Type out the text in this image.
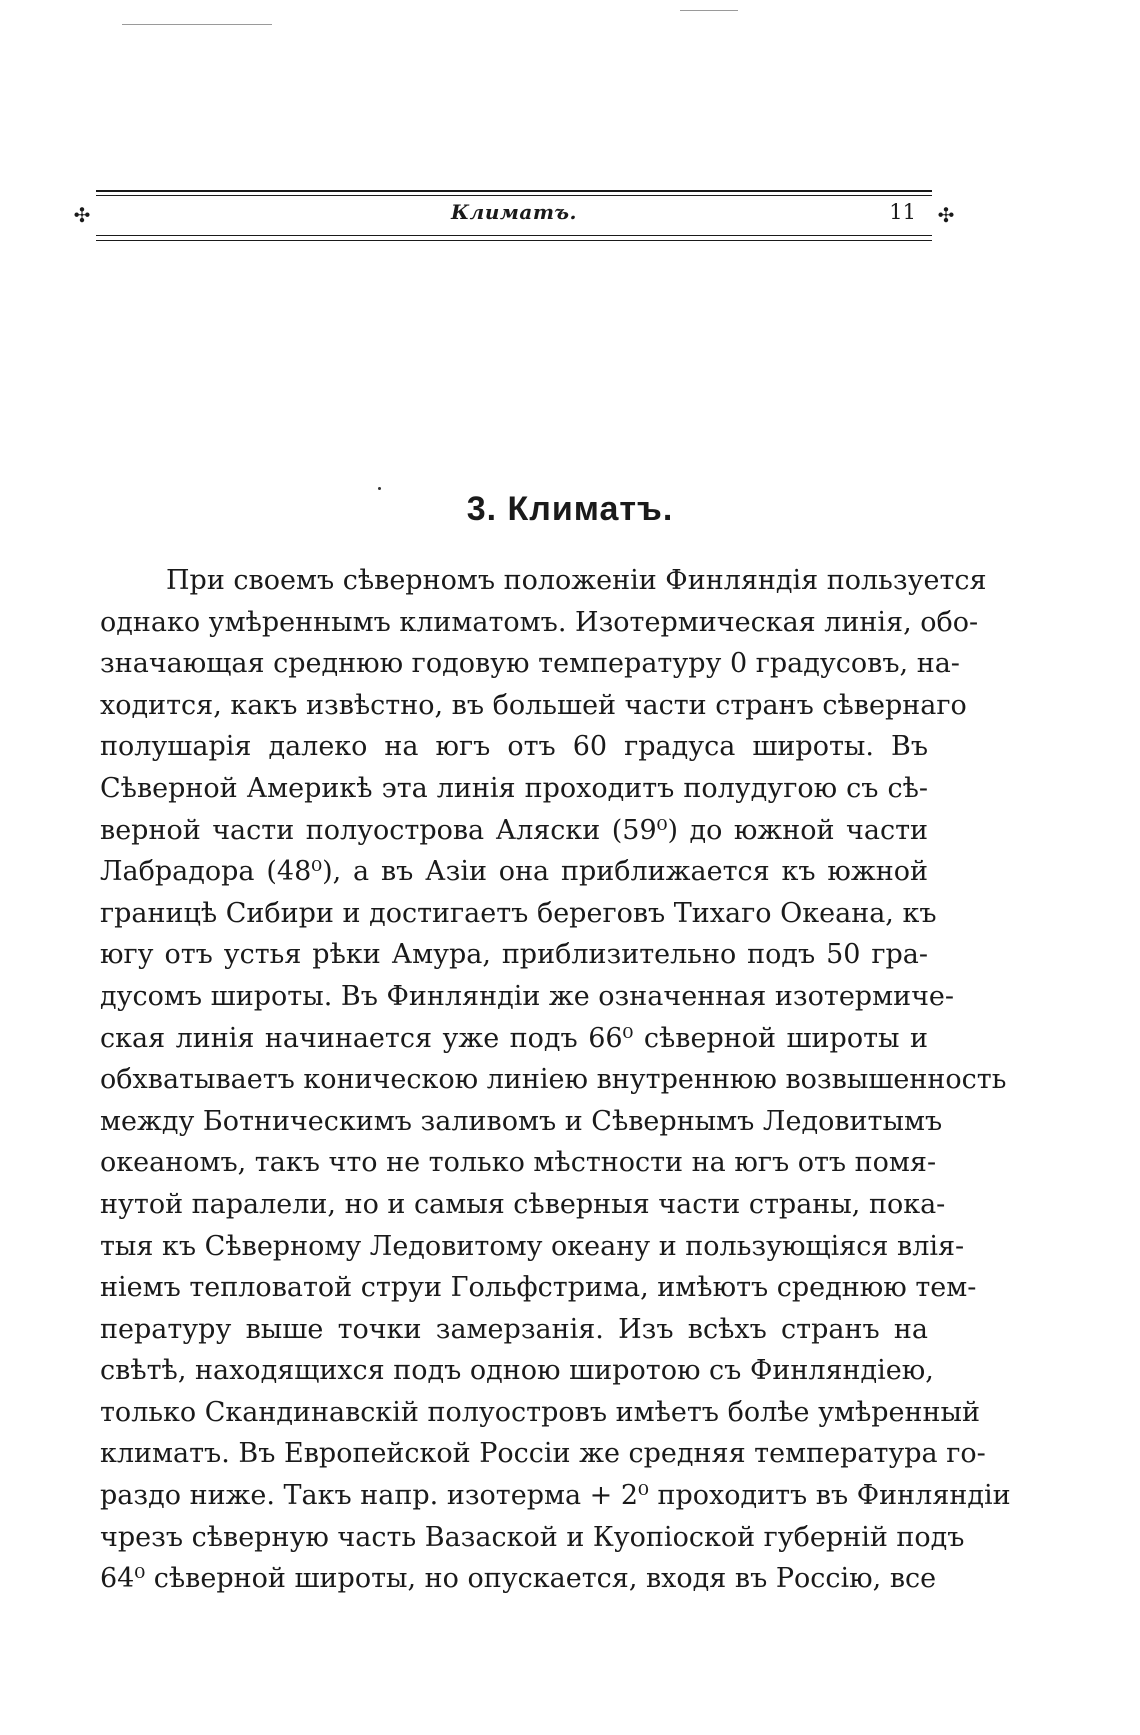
✣	✣
Климатъ.	11
3. Климатъ.

При своемъ сѣверномъ положеніи Финляндія пользуется
однако умѣреннымъ климатомъ. Изотермическая линія, обо-
значающая среднюю годовую температуру 0 градусовъ, на-
ходится, какъ извѣстно, въ большей части странъ сѣвернаго
полушарія далеко на югъ отъ 60 градуса широты. Въ
Сѣверной Америкѣ эта линія проходитъ полудугою съ сѣ-
верной части полуострова Аляски (59⁰) до южной части
Лабрадора (48⁰), а въ Азіи она приближается къ южной
границѣ Сибири и достигаетъ береговъ Тихаго Океана, къ
югу отъ устья рѣки Амура, приблизительно подъ 50 гра-
дусомъ широты. Въ Финляндіи же означенная изотермиче-
ская линія начинается уже подъ 66⁰ сѣверной широты и
обхватываетъ коническою линіею внутреннюю возвышенность
между Ботническимъ заливомъ и Сѣвернымъ Ледовитымъ
океаномъ, такъ что не только мѣстности на югъ отъ помя-
нутой паралели, но и самыя сѣверныя части страны, пока-
тыя къ Сѣверному Ледовитому океану и пользующіяся влія-
ніемъ тепловатой струи Гольфстрима, имѣютъ среднюю тем-
пературу выше точки замерзанія. Изъ всѣхъ странъ на
свѣтѣ, находящихся подъ одною широтою съ Финляндіею,
только Скандинавскій полуостровъ имѣетъ болѣе умѣренный
климатъ. Въ Европейской Россіи же средняя температура го-
раздо ниже. Такъ напр. изотерма + 2⁰ проходитъ въ Финляндіи
чрезъ сѣверную часть Вазаской и Куопіоской губерній подъ
64⁰ сѣверной широты, но опускается, входя въ Россію, все
